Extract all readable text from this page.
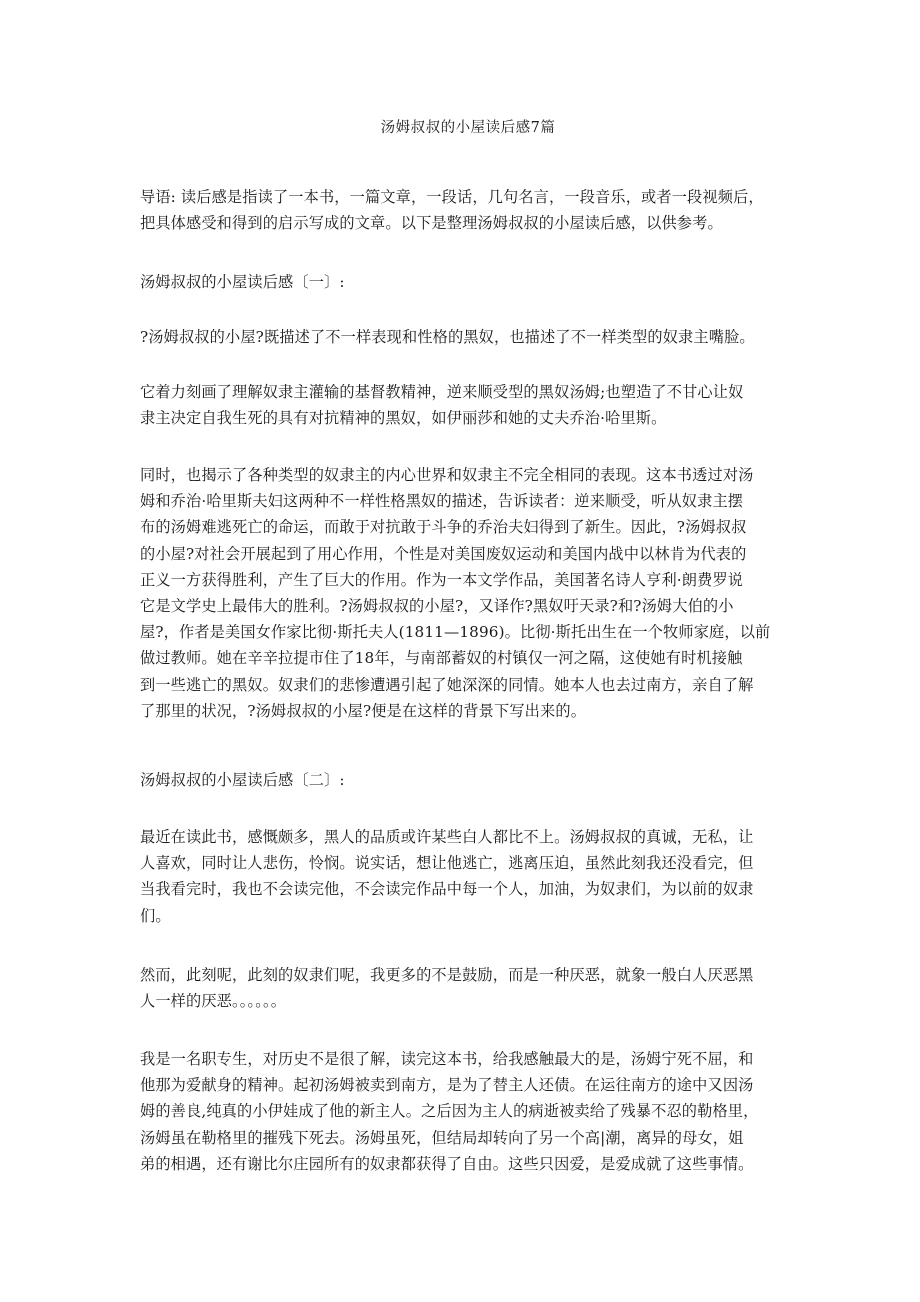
汤姆叔叔的小屋读后感7篇
导语: 读后感是指读了一本书，一篇文章，一段话，几句名言，一段音乐，或者一段视频后，
把具体感受和得到的启示写成的文章。以下是整理汤姆叔叔的小屋读后感，以供参考。
汤姆叔叔的小屋读后感〔一〕:
?汤姆叔叔的小屋?既描述了不一样表现和性格的黑奴，也描述了不一样类型的奴隶主嘴脸。
它着力刻画了理解奴隶主灌输的基督教精神，逆来顺受型的黑奴汤姆;也塑造了不甘心让奴
隶主决定自我生死的具有对抗精神的黑奴，如伊丽莎和她的丈夫乔治·哈里斯。
同时，也揭示了各种类型的奴隶主的内心世界和奴隶主不完全相同的表现。这本书透过对汤
姆和乔治·哈里斯夫妇这两种不一样性格黑奴的描述，告诉读者：逆来顺受，听从奴隶主摆
布的汤姆难逃死亡的命运，而敢于对抗敢于斗争的乔治夫妇得到了新生。因此，?汤姆叔叔
的小屋?对社会开展起到了用心作用，个性是对美国废奴运动和美国内战中以林肯为代表的
正义一方获得胜利，产生了巨大的作用。作为一本文学作品，美国著名诗人亨利·朗费罗说
它是文学史上最伟大的胜利。?汤姆叔叔的小屋?，又译作?黑奴吁天录?和?汤姆大伯的小
屋?，作者是美国女作家比彻·斯托夫人(1811—1896)。比彻·斯托出生在一个牧师家庭，以前
做过教师。她在辛辛拉提市住了18年，与南部蓄奴的村镇仅一河之隔，这使她有时机接触
到一些逃亡的黑奴。奴隶们的悲惨遭遇引起了她深深的同情。她本人也去过南方，亲自了解
了那里的状况，?汤姆叔叔的小屋?便是在这样的背景下写出来的。
汤姆叔叔的小屋读后感〔二〕:
最近在读此书，感慨颇多，黑人的品质或许某些白人都比不上。汤姆叔叔的真诚，无私，让
人喜欢，同时让人悲伤，怜悯。说实话，想让他逃亡，逃离压迫，虽然此刻我还没看完，但
当我看完时，我也不会读完他，不会读完作品中每一个人，加油，为奴隶们，为以前的奴隶
们。
然而，此刻呢，此刻的奴隶们呢，我更多的不是鼓励，而是一种厌恶，就象一般白人厌恶黑
人一样的厌恶。。。。。。
我是一名职专生，对历史不是很了解，读完这本书，给我感触最大的是，汤姆宁死不屈，和
他那为爱献身的精神。起初汤姆被卖到南方，是为了替主人还债。在运往南方的途中又因汤
姆的善良,纯真的小伊娃成了他的新主人。之后因为主人的病逝被卖给了残暴不忍的勒格里，
汤姆虽在勒格里的摧残下死去。汤姆虽死，但结局却转向了另一个高|潮，离异的母女，姐
弟的相遇，还有谢比尔庄园所有的奴隶都获得了自由。这些只因爱，是爱成就了这些事情。
